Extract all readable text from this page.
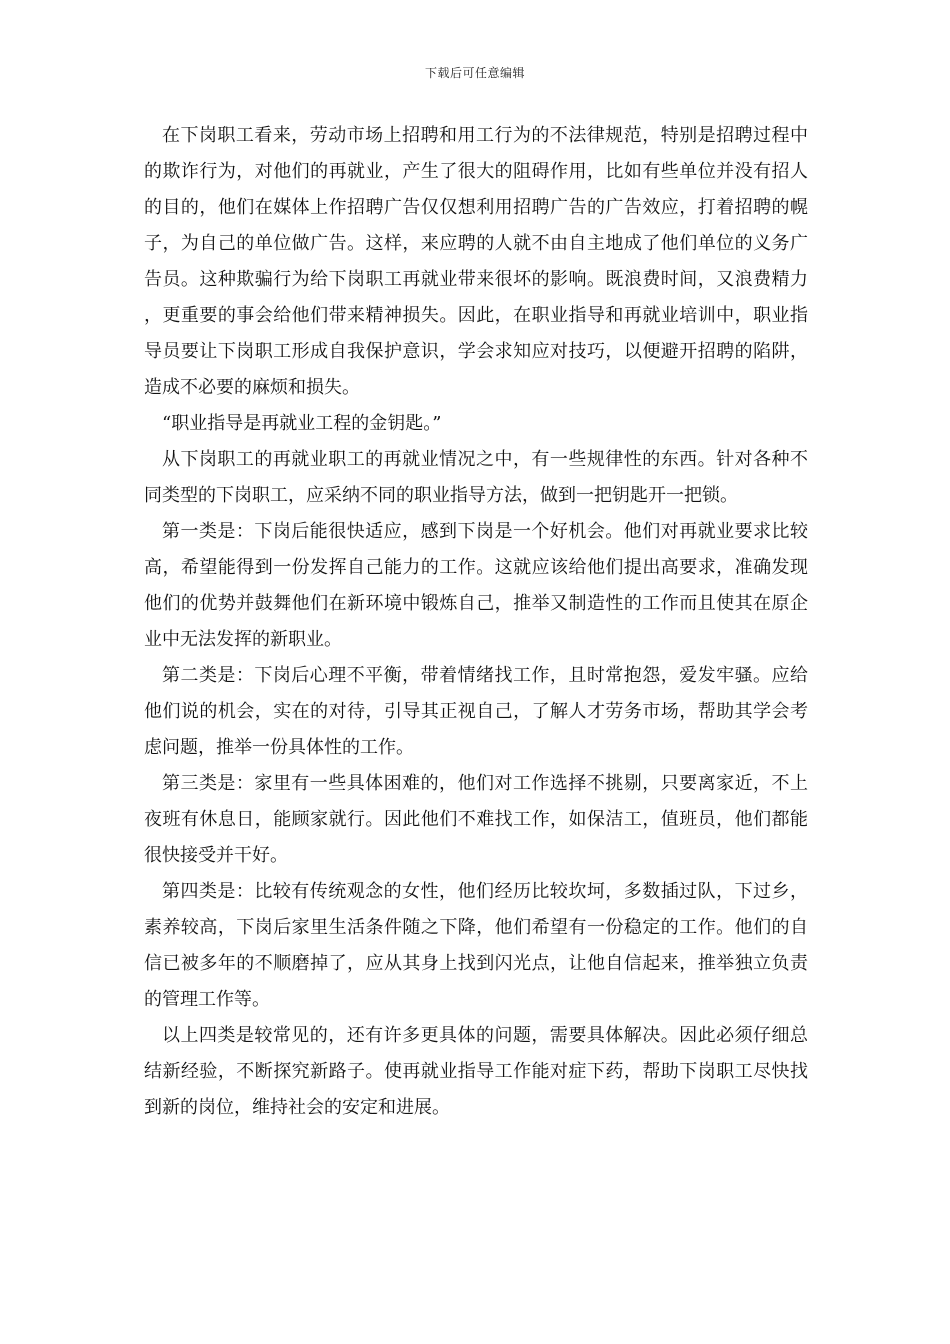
下载后可任意编辑

在下岗职工看来，劳动市场上招聘和用工行为的不法律规范，特别是招聘过程中的欺诈行为，对他们的再就业，产生了很大的阻碍作用，比如有些单位并没有招人的目的，他们在媒体上作招聘广告仅仅想利用招聘广告的广告效应，打着招聘的幌子，为自己的单位做广告。这样，来应聘的人就不由自主地成了他们单位的义务广告员。这种欺骗行为给下岗职工再就业带来很坏的影响。既浪费时间，又浪费精力，更重要的事会给他们带来精神损失。因此，在职业指导和再就业培训中，职业指导员要让下岗职工形成自我保护意识，学会求知应对技巧，以便避开招聘的陷阱，造成不必要的麻烦和损失。

“职业指导是再就业工程的金钥匙。”

从下岗职工的再就业职工的再就业情况之中，有一些规律性的东西。针对各种不同类型的下岗职工，应采纳不同的职业指导方法，做到一把钥匙开一把锁。

第一类是：下岗后能很快适应，感到下岗是一个好机会。他们对再就业要求比较高，希望能得到一份发挥自己能力的工作。这就应该给他们提出高要求，准确发现他们的优势并鼓舞他们在新环境中锻炼自己，推举又制造性的工作而且使其在原企业中无法发挥的新职业。

第二类是：下岗后心理不平衡，带着情绪找工作，且时常抱怨，爱发牢骚。应给他们说的机会，实在的对待，引导其正视自己，了解人才劳务市场，帮助其学会考虑问题，推举一份具体性的工作。

第三类是：家里有一些具体困难的，他们对工作选择不挑剔，只要离家近，不上夜班有休息日，能顾家就行。因此他们不难找工作，如保洁工，值班员，他们都能很快接受并干好。

第四类是：比较有传统观念的女性，他们经历比较坎坷，多数插过队，下过乡，素养较高，下岗后家里生活条件随之下降，他们希望有一份稳定的工作。他们的自信已被多年的不顺磨掉了，应从其身上找到闪光点，让他自信起来，推举独立负责的管理工作等。

以上四类是较常见的，还有许多更具体的问题，需要具体解决。因此必须仔细总结新经验，不断探究新路子。使再就业指导工作能对症下药，帮助下岗职工尽快找到新的岗位，维持社会的安定和进展。
